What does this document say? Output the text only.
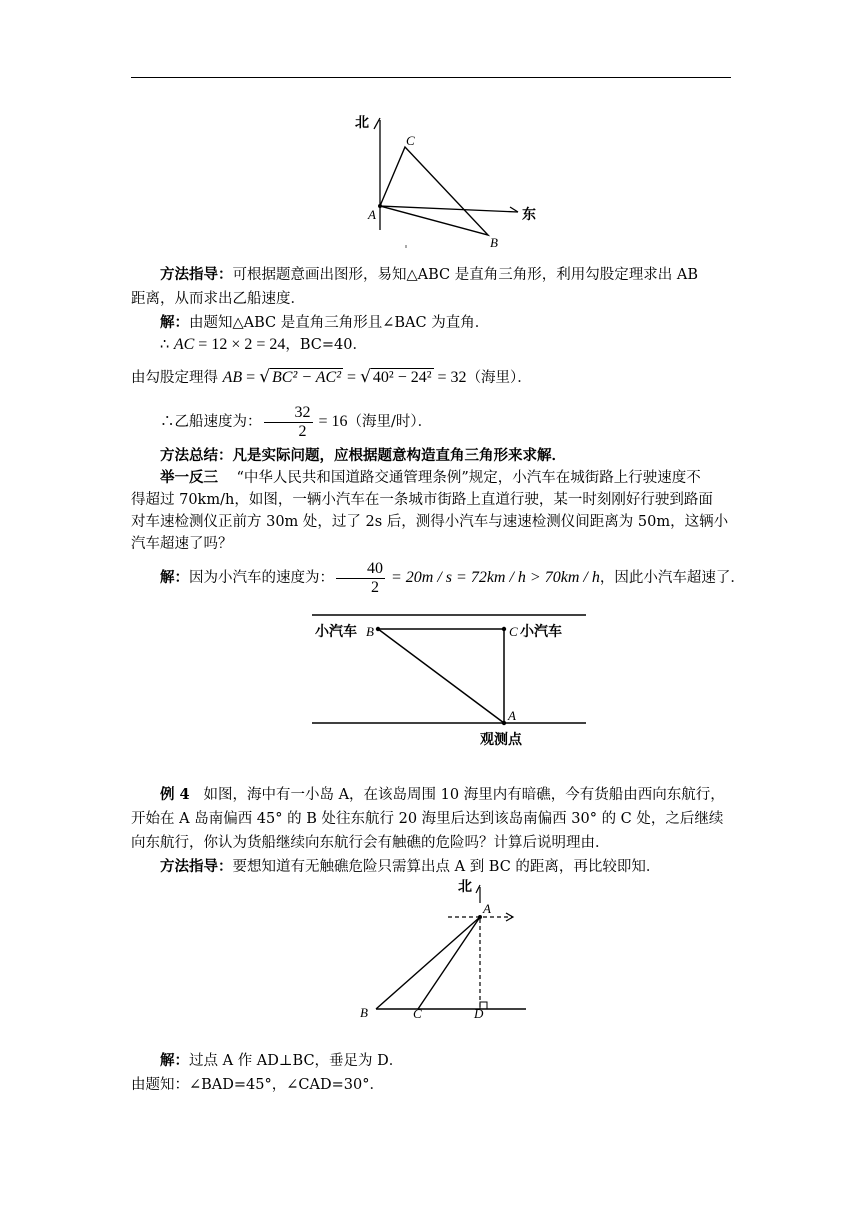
北
东
A
B
C
方法指导：可根据题意画出图形，易知△ABC 是直角三角形，利用勾股定理求出 AB
距离，从而求出乙船速度．
解：由题知△ABC 是直角三角形且∠BAC 为直角．
∴ AC = 12 × 2 = 24，BC=40．
由勾股定理得 AB = √ BC² − AC² = √ 40² − 24² = 32（海里）．
∴乙船速度为： $\frac{32}{2} = 16$（海里/时）．
方法总结：凡是实际问题，应根据题意构造直角三角形来求解．
举一反三 “中华人民共和国道路交通管理条例”规定，小汽车在城街路上行驶速度不
得超过 70km/h，如图，一辆小汽车在一条城市街路上直道行驶，某一时刻刚好行驶到路面
对车速检测仪正前方 30m 处，过了 2s 后，测得小汽车与速速检测仪间距离为 50m，这辆小
汽车超速了吗？
解：因为小汽车的速度为： $\frac{40}{2} = 20m / s = 72km / h > 70km / h$，因此小汽车超速了．
小汽车 B	C 小汽车
A
观测点
例 4 如图，海中有一小岛 A，在该岛周围 10 海里内有暗礁，今有货船由西向东航行，
开始在 A 岛南偏西 45° 的 B 处往东航行 20 海里后达到该岛南偏西 30° 的 C 处，之后继续
向东航行，你认为货船继续向东航行会有触礁的危险吗？计算后说明理由．
方法指导：要想知道有无触礁危险只需算出点 A 到 BC 的距离，再比较即知．
北
A
B	C	D
解：过点 A 作 AD⊥BC，垂足为 D．
由题知：∠BAD=45°，∠CAD=30°．
